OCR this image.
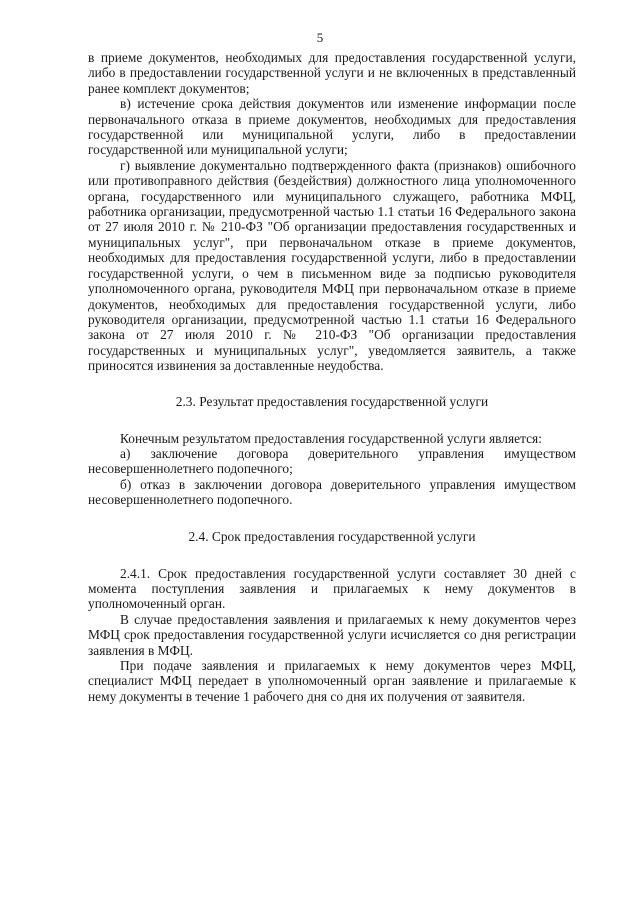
5

в приеме документов, необходимых для предоставления государственной услуги, либо в предоставлении государственной услуги и не включенных в представленный ранее комплект документов;

в) истечение срока действия документов или изменение информации после первоначального отказа в приеме документов, необходимых для предоставления государственной или муниципальной услуги, либо в предоставлении государственной или муниципальной услуги;

г) выявление документально подтвержденного факта (признаков) ошибочного или противоправного действия (бездействия) должностного лица уполномоченного органа, государственного или муниципального служащего, работника МФЦ, работника организации, предусмотренной частью 1.1 статьи 16 Федерального закона от 27 июля 2010 г. № 210-ФЗ "Об организации предоставления государственных и муниципальных услуг", при первоначальном отказе в приеме документов, необходимых для предоставления государственной услуги, либо в предоставлении государственной услуги, о чем в письменном виде за подписью руководителя уполномоченного органа, руководителя МФЦ при первоначальном отказе в приеме документов, необходимых для предоставления государственной услуги, либо руководителя организации, предусмотренной частью 1.1 статьи 16 Федерального закона от 27 июля 2010 г. № 210-ФЗ "Об организации предоставления государственных и муниципальных услуг", уведомляется заявитель, а также приносятся извинения за доставленные неудобства.

2.3. Результат предоставления государственной услуги

Конечным результатом предоставления государственной услуги является:

а) заключение договора доверительного управления имуществом несовершеннолетнего подопечного;

б) отказ в заключении договора доверительного управления имуществом несовершеннолетнего подопечного.

2.4. Срок предоставления государственной услуги

2.4.1. Срок предоставления государственной услуги составляет 30 дней с момента поступления заявления и прилагаемых к нему документов в уполномоченный орган.

В случае предоставления заявления и прилагаемых к нему документов через МФЦ срок предоставления государственной услуги исчисляется со дня регистрации заявления в МФЦ.

При подаче заявления и прилагаемых к нему документов через МФЦ, специалист МФЦ передает в уполномоченный орган заявление и прилагаемые к нему документы в течение 1 рабочего дня со дня их получения от заявителя.
